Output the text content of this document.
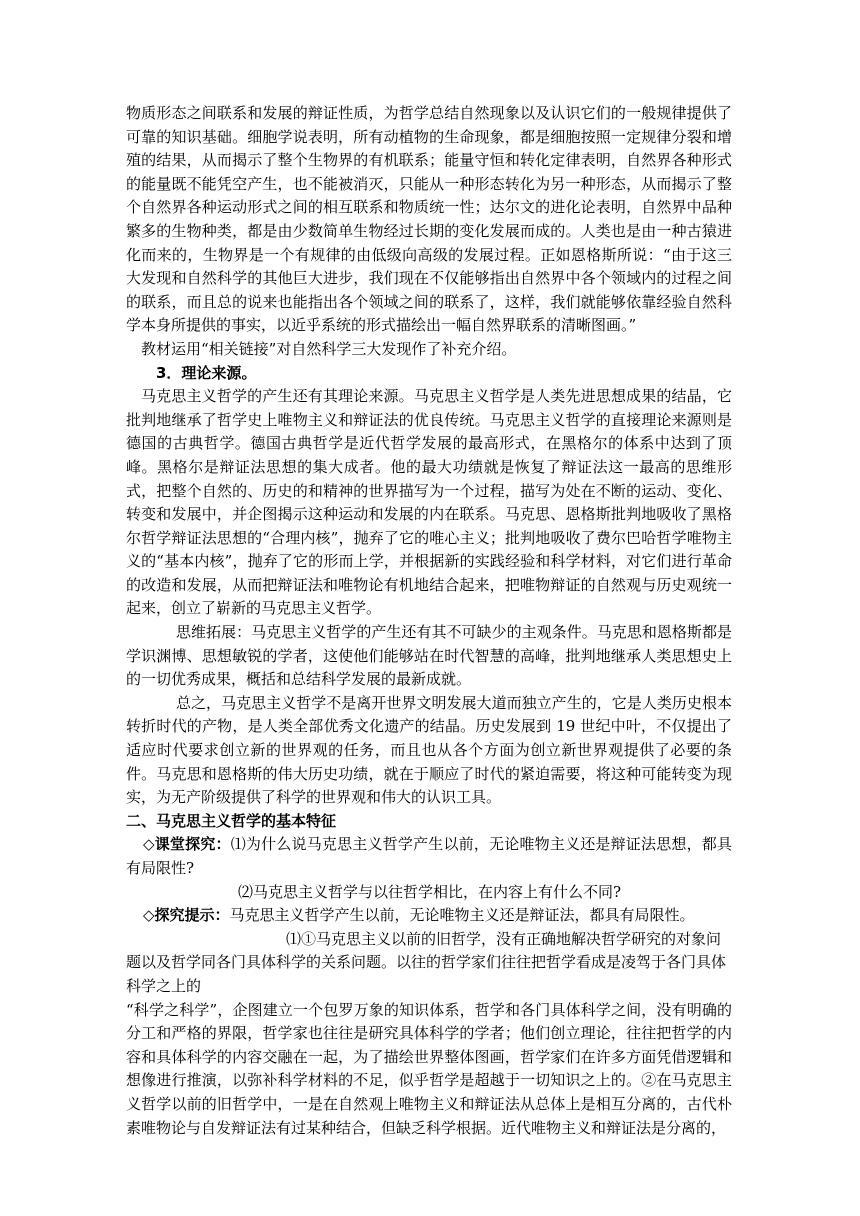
物质形态之间联系和发展的辩证性质，为哲学总结自然现象以及认识它们的一般规律提供了可靠的知识基础。细胞学说表明，所有动植物的生命现象，都是细胞按照一定规律分裂和增殖的结果，从而揭示了整个生物界的有机联系；能量守恒和转化定律表明，自然界各种形式的能量既不能凭空产生，也不能被消灭，只能从一种形态转化为另一种形态，从而揭示了整个自然界各种运动形式之间的相互联系和物质统一性；达尔文的进化论表明，自然界中品种繁多的生物种类，都是由少数简单生物经过长期的变化发展而成的。人类也是由一种古猿进化而来的，生物界是一个有规律的由低级向高级的发展过程。正如恩格斯所说：“由于这三大发现和自然科学的其他巨大进步，我们现在不仅能够指出自然界中各个领域内的过程之间的联系，而且总的说来也能指出各个领域之间的联系了，这样，我们就能够依靠经验自然科学本身所提供的事实，以近乎系统的形式描绘出一幅自然界联系的清晰图画。”

教材运用“相关链接”对自然科学三大发现作了补充介绍。

3．理论来源。

马克思主义哲学的产生还有其理论来源。马克思主义哲学是人类先进思想成果的结晶，它批判地继承了哲学史上唯物主义和辩证法的优良传统。马克思主义哲学的直接理论来源则是德国的古典哲学。德国古典哲学是近代哲学发展的最高形式，在黑格尔的体系中达到了顶峰。黑格尔是辩证法思想的集大成者。他的最大功绩就是恢复了辩证法这一最高的思维形式，把整个自然的、历史的和精神的世界描写为一个过程，描写为处在不断的运动、变化、转变和发展中，并企图揭示这种运动和发展的内在联系。马克思、恩格斯批判地吸收了黑格尔哲学辩证法思想的“合理内核”，抛弃了它的唯心主义；批判地吸收了费尔巴哈哲学唯物主义的“基本内核”，抛弃了它的形而上学，并根据新的实践经验和科学材料，对它们进行革命的改造和发展，从而把辩证法和唯物论有机地结合起来，把唯物辩证的自然观与历史观统一起来，创立了崭新的马克思主义哲学。

思维拓展：马克思主义哲学的产生还有其不可缺少的主观条件。马克思和恩格斯都是学识渊博、思想敏锐的学者，这使他们能够站在时代智慧的高峰，批判地继承人类思想史上的一切优秀成果，概括和总结科学发展的最新成就。

总之，马克思主义哲学不是离开世界文明发展大道而独立产生的，它是人类历史根本转折时代的产物，是人类全部优秀文化遗产的结晶。历史发展到 19 世纪中叶，不仅提出了适应时代要求创立新的世界观的任务，而且也从各个方面为创立新世界观提供了必要的条件。马克思和恩格斯的伟大历史功绩，就在于顺应了时代的紧迫需要，将这种可能转变为现实，为无产阶级提供了科学的世界观和伟大的认识工具。

二、马克思主义哲学的基本特征

◇课堂探究：⑴为什么说马克思主义哲学产生以前，无论唯物主义还是辩证法思想，都具有局限性?

⑵马克思主义哲学与以往哲学相比，在内容上有什么不同?

◇探究提示：马克思主义哲学产生以前，无论唯物主义还是辩证法，都具有局限性。

⑴①马克思主义以前的旧哲学，没有正确地解决哲学研究的对象问题以及哲学同各门具体科学的关系问题。以往的哲学家们往往把哲学看成是凌驾于各门具体科学之上的

“科学之科学”，企图建立一个包罗万象的知识体系，哲学和各门具体科学之间，没有明确的分工和严格的界限，哲学家也往往是研究具体科学的学者；他们创立理论，往往把哲学的内容和具体科学的内容交融在一起，为了描绘世界整体图画，哲学家们在许多方面凭借逻辑和想像进行推演，以弥补科学材料的不足，似乎哲学是超越于一切知识之上的。②在马克思主义哲学以前的旧哲学中，一是在自然观上唯物主义和辩证法从总体上是相互分离的，古代朴素唯物论与自发辩证法有过某种结合，但缺乏科学根据。近代唯物主义和辩证法是分离的，
